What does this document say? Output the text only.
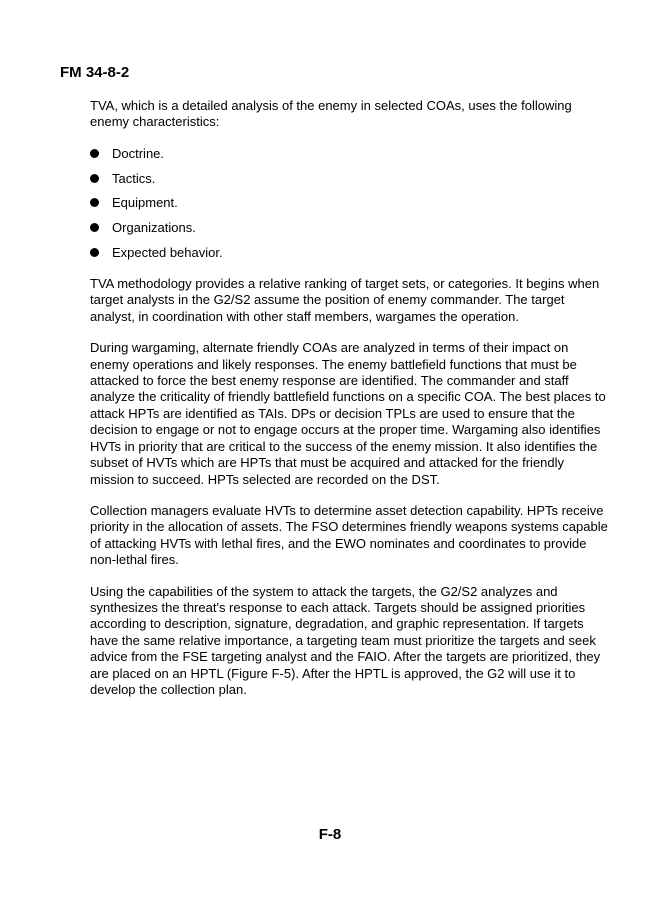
FM 34-8-2

TVA, which is a detailed analysis of the enemy in selected COAs, uses the following enemy characteristics:

Doctrine.
Tactics.
Equipment.
Organizations.
Expected behavior.

TVA methodology provides a relative ranking of target sets, or categories. It begins when target analysts in the G2/S2 assume the position of enemy commander. The target analyst, in coordination with other staff members, wargames the operation.

During wargaming, alternate friendly COAs are analyzed in terms of their impact on enemy operations and likely responses. The enemy battlefield functions that must be attacked to force the best enemy response are identified. The commander and staff analyze the criticality of friendly battlefield functions on a specific COA. The best places to attack HPTs are identified as TAIs. DPs or decision TPLs are used to ensure that the decision to engage or not to engage occurs at the proper time. Wargaming also identifies HVTs in priority that are critical to the success of the enemy mission. It also identifies the subset of HVTs which are HPTs that must be acquired and attacked for the friendly mission to succeed. HPTs selected are recorded on the DST.

Collection managers evaluate HVTs to determine asset detection capability. HPTs receive priority in the allocation of assets. The FSO determines friendly weapons systems capable of attacking HVTs with lethal fires, and the EWO nominates and coordinates to provide non-lethal fires.

Using the capabilities of the system to attack the targets, the G2/S2 analyzes and synthesizes the threat's response to each attack. Targets should be assigned priorities according to description, signature, degradation, and graphic representation. If targets have the same relative importance, a targeting team must prioritize the targets and seek advice from the FSE targeting analyst and the FAIO. After the targets are prioritized, they are placed on an HPTL (Figure F-5). After the HPTL is approved, the G2 will use it to develop the collection plan.

F-8
